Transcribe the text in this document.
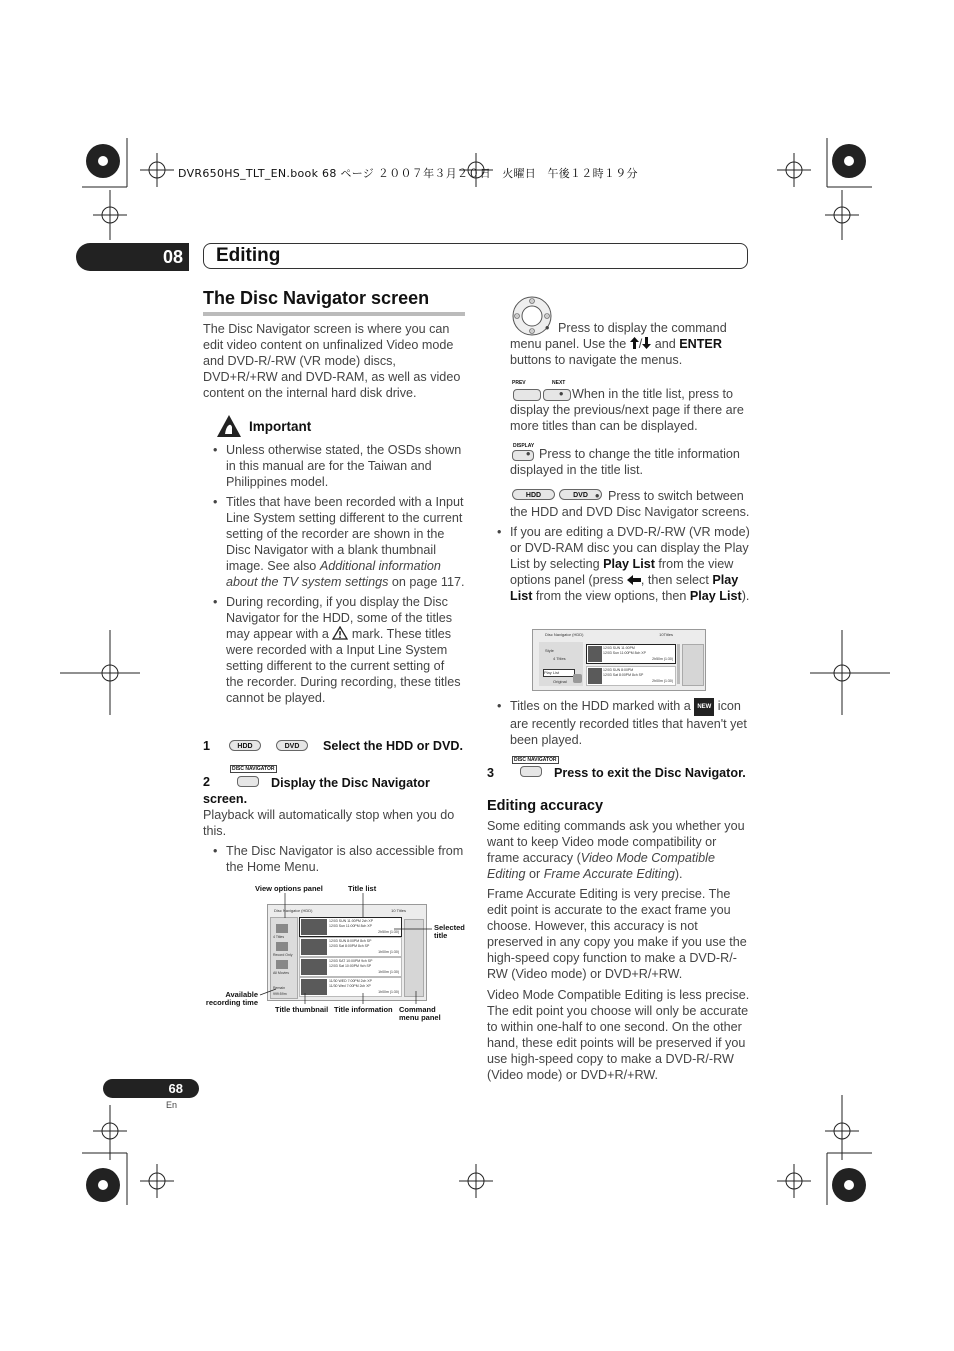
DVR650HS_TLT_EN.book 68 ページ ２００７年３月２０日　火曜日　午後１２時１９分
08	Editing
The Disc Navigator screen

The Disc Navigator screen is where you can edit video content on unfinalized Video mode and DVD-R/-RW (VR mode) discs, DVD+R/+RW and DVD-RAM, as well as video content on the internal hard disk drive.

Important
• Unless otherwise stated, the OSDs shown in this manual are for the Taiwan and Philippines model.
• Titles that have been recorded with a Input Line System setting different to the current setting of the recorder are shown in the Disc Navigator with a blank thumbnail image. See also Additional information about the TV system settings on page 117.
• During recording, if you display the Disc Navigator for the HDD, some of the titles may appear with a  mark. These titles were recorded with a Input Line System setting different to the current setting of the recorder. During recording, these titles cannot be played.
1	HDD	DVD	Select the HDD or DVD.
DISC NAVIGATOR
2	Display the Disc Navigator screen.

Playback will automatically stop when you do this.

• The Disc Navigator is also accessible from the Home Menu.
View options panel	Title list
Disc Navigator (HDD)	10 Titles
4 Titles
Record Only
All Movies
Remain
999:59m
12/03 SUN 11:00PM 2ch XP
12/03 Sun 11:00PM 8ch XP
2h50m (1:30)
12/03 SUN 8:00PM 8ch SP
12/03 Sat 8:00PM 8ch SP
1h00m (1:30)
12/03 SAT 10:00PM 9ch SP
12/03 Sat 10:00PM 9ch SP
1h00m (1:30)
11/30 WED 7:00PM 2ch XP
11/30 Wed 7:00PM 2ch XP
1h00m (1:30)
Selected title
Available recording time
Title thumbnail Title information Command menu panel
• Press to display the command menu panel. Use the / and ENTER buttons to navigate the menus.
PREV	NEXT
• When in the title list, press to display the previous/next page if there are more titles than can be displayed.
DISPLAY
• Press to change the title information displayed in the title list.
HDD	DVD
•	Press to switch between the HDD and DVD Disc Navigator screens.
• If you are editing a DVD-R/-RW (VR mode) or DVD-RAM disc you can display the Play List by selecting Play List from the view options panel (press , then select Play List from the view options, then Play List).
Disc Navigator (HDD)	10Titles
Style
4 Titles
Play List
Original
12/03 SUN 11:00PM
12/03 Sun 11:00PM 8ch XP
2h50m (1:30)
12/03 SUN 8:00PM
12/03 Sat 8:00PM 8ch SP
2h00m (1:30)
• Titles on the HDD marked with a NEW icon are recently recorded titles that haven't yet been played.
DISC NAVIGATOR
3	Press to exit the Disc Navigator.
Editing accuracy

Some editing commands ask you whether you want to keep Video mode compatibility or frame accuracy (Video Mode Compatible Editing or Frame Accurate Editing).

Frame Accurate Editing is very precise. The edit point is accurate to the exact frame you choose. However, this accuracy is not preserved in any copy you make if you use the high-speed copy function to make a DVD-R/-RW (Video mode) or DVD+R/+RW.

Video Mode Compatible Editing is less precise. The edit point you choose will only be accurate to within one-half to one second. On the other hand, these edit points will be preserved if you use high-speed copy to make a DVD-R/-RW (Video mode) or DVD+R/+RW.

68
En
